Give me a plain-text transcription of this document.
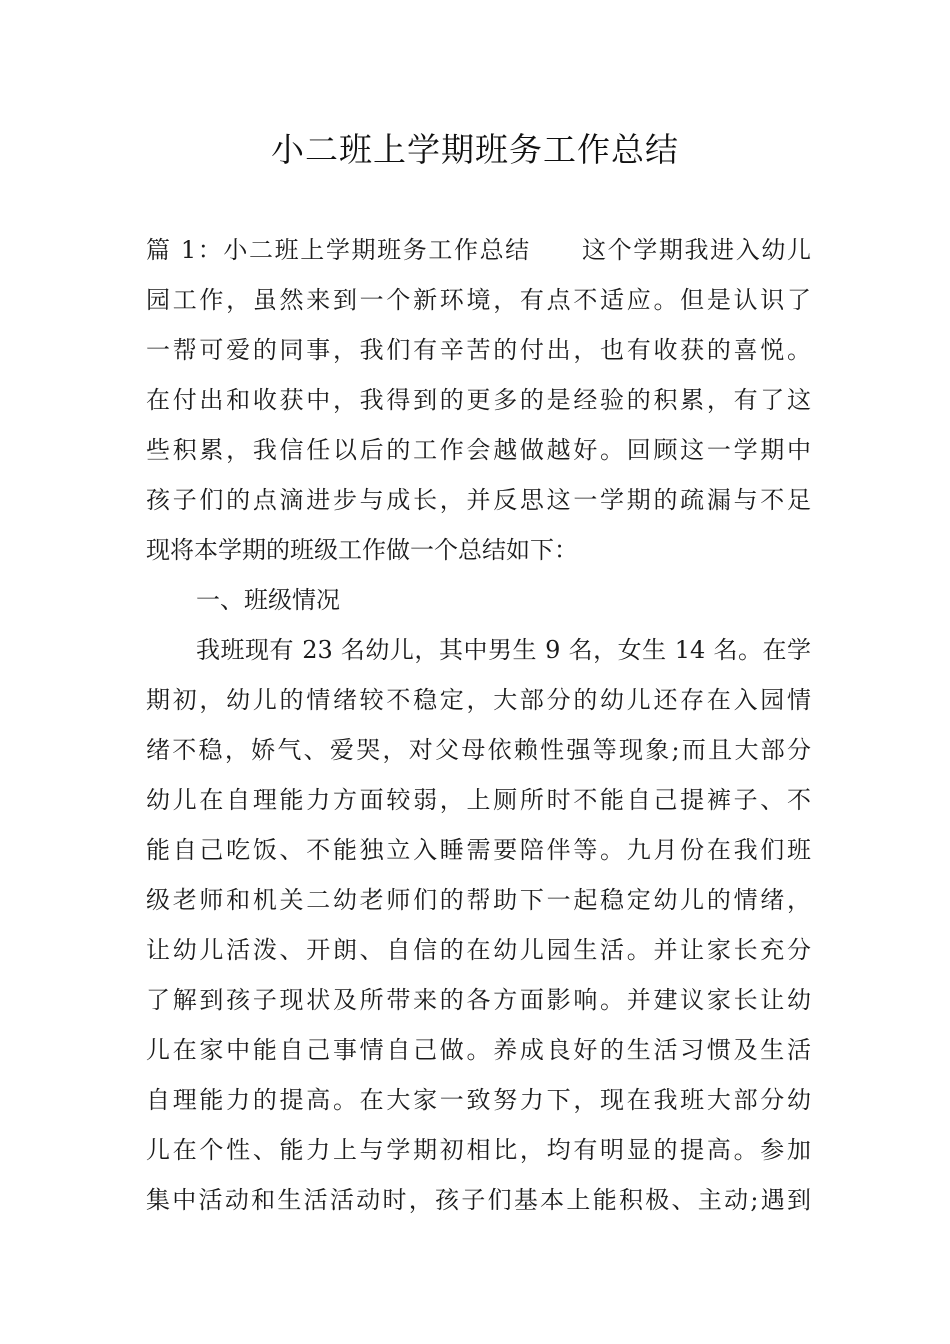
小二班上学期班务工作总结
篇 1：小二班上学期班务工作总结　　这个学期我进入幼儿
园工作，虽然来到一个新环境，有点不适应。但是认识了
一帮可爱的同事，我们有辛苦的付出，也有收获的喜悦。
在付出和收获中，我得到的更多的是经验的积累，有了这
些积累，我信任以后的工作会越做越好。回顾这一学期中
孩子们的点滴进步与成长，并反思这一学期的疏漏与不足
现将本学期的班级工作做一个总结如下：
一、班级情况
我班现有 23 名幼儿，其中男生 9 名，女生 14 名。在学
期初，幼儿的情绪较不稳定，大部分的幼儿还存在入园情
绪不稳，娇气、爱哭，对父母依赖性强等现象;而且大部分
幼儿在自理能力方面较弱，上厕所时不能自己提裤子、不
能自己吃饭、不能独立入睡需要陪伴等。九月份在我们班
级老师和机关二幼老师们的帮助下一起稳定幼儿的情绪，
让幼儿活泼、开朗、自信的在幼儿园生活。并让家长充分
了解到孩子现状及所带来的各方面影响。并建议家长让幼
儿在家中能自己事情自己做。养成良好的生活习惯及生活
自理能力的提高。在大家一致努力下，现在我班大部分幼
儿在个性、能力上与学期初相比，均有明显的提高。参加
集中活动和生活活动时，孩子们基本上能积极、主动;遇到
